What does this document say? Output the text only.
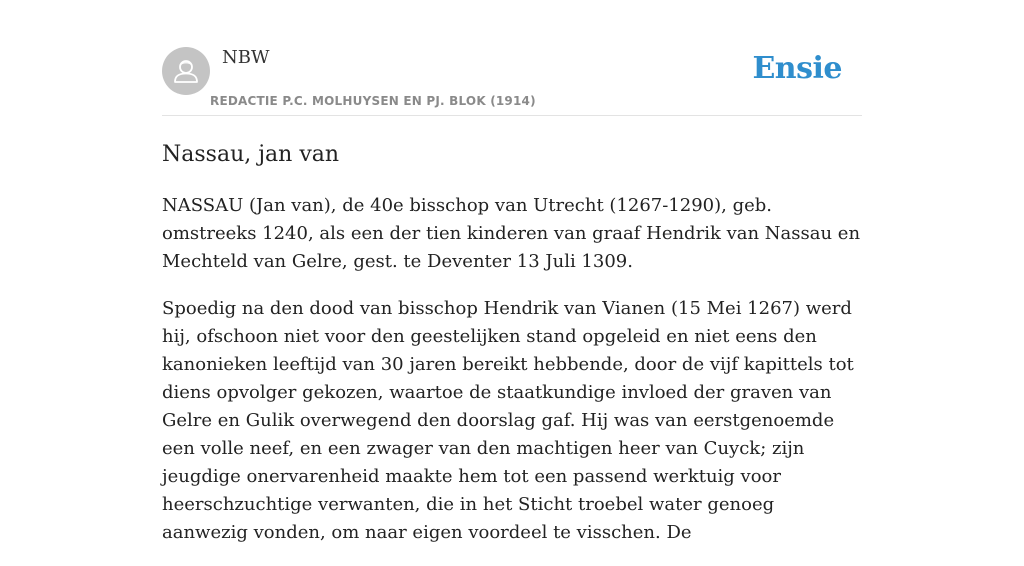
NBW
REDACTIE P.C. MOLHUYSEN EN PJ. BLOK (1914)
Ensie
Nassau, jan van

NASSAU (Jan van), de 40e bisschop van Utrecht (1267-1290), geb. omstreeks 1240, als een der tien kinderen van graaf Hendrik van Nassau en Mechteld van Gelre, gest. te Deventer 13 Juli 1309.

Spoedig na den dood van bisschop Hendrik van Vianen (15 Mei 1267) werd hij, ofschoon niet voor den geestelijken stand opgeleid en niet eens den kanonieken leeftijd van 30 jaren bereikt hebbende, door de vijf kapittels tot diens opvolger gekozen, waartoe de staatkundige invloed der graven van Gelre en Gulik overwegend den doorslag gaf. Hij was van eerstgenoemde een volle neef, en een zwager van den machtigen heer van Cuyck; zijn jeugdige onervarenheid maakte hem tot een passend werktuig voor heerschzuchtige verwanten, die in het Sticht troebel water genoeg aanwezig vonden, om naar eigen voordeel te visschen. De
